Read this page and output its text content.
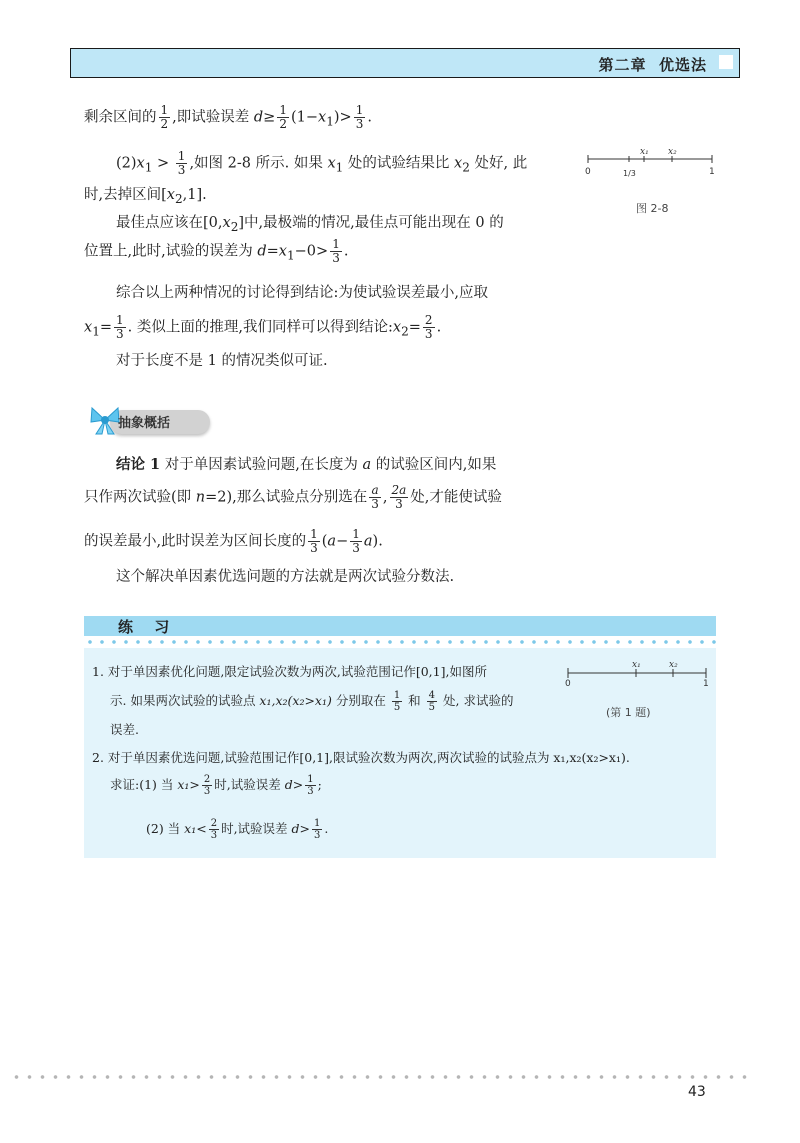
第二章 优选法
剩余区间的 $\frac{1}{2}$ ,即试验误差 $d\ge \frac{1}{2} (1-x_1)> \frac{1}{3}$ .
$(2)x_1 > \frac{1}{3}$ ,如图 2-8 所示. 如果 $x_1$ 处的试验结果比 $x_2$ 处好, 此
时,去掉区间$[x_2,1]$.
最佳点应该在$[0,x_2]$中,最极端的情况,最佳点可能出现在 0 的
位置上,此时,试验的误差为 $d=x_1-0> \frac{1}{3}$ .
综合以上两种情况的讨论得到结论:为使试验误差最小,应取
$x_1= \frac{1}{3}$ . 类似上面的推理,我们同样可以得到结论$:x_2= \frac{2}{3}$ .
对于长度不是 1 的情况类似可证.
x₁ x₂
0	1/3	1
图 2-8
抽象概括
结论 1 对于单因素试验问题,在长度为 a 的试验区间内,如果
只作两次试验(即 n=2),那么试验点分别选在 $\frac{a}{3}$ , $\frac{2a}{3}$ 处,才能使试验
的误差最小,此时误差为区间长度的 $\frac{1}{3} (a- \frac{1}{3} a)$.
这个解决单因素优选问题的方法就是两次试验分数法.
练 习
1. 对于单因素优化问题,限定试验次数为两次,试验范围记作[0,1],如图所
示. 如果两次试验的试验点 x₁,x₂(x₂>x₁) 分别取在 $\frac{1}{5}$ 和 $\frac{4}{5}$ 处, 求试验的
误差.
x₁	x₂
0	1
(第 1 题)
2. 对于单因素优选问题,试验范围记作[0,1],限试验次数为两次,两次试验的试验点为 x₁,x₂(x₂>x₁).
求证:(1) 当 $x_1> \frac{2}{3}$ 时,试验误差 $d> \frac{1}{3}$ ;
(2) 当 $x_1< \frac{2}{3}$ 时,试验误差 $d> \frac{1}{3}$ .
43
